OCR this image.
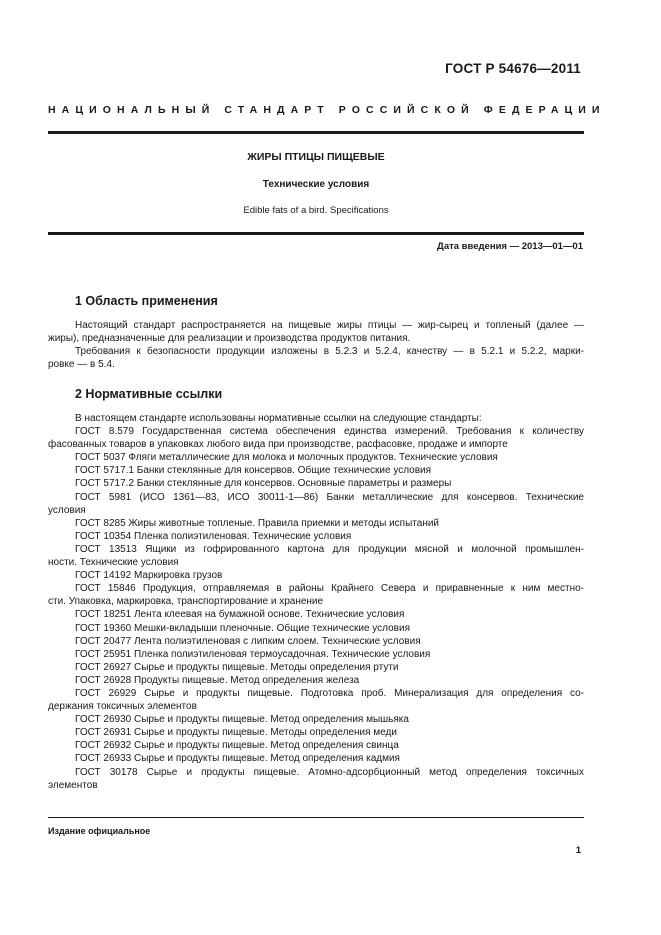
ГОСТ Р 54676—2011
НАЦИОНАЛЬНЫЙ СТАНДАРТ РОССИЙСКОЙ ФЕДЕРАЦИИ
ЖИРЫ ПТИЦЫ ПИЩЕВЫЕ
Технические условия
Edible fats of a bird. Specifications
Дата введения — 2013—01—01
1 Область применения
Настоящий стандарт распространяется на пищевые жиры птицы — жир-сырец и топленый (далее —
жиры), предназначенные для реализации и производства продуктов питания.
Требования к безопасности продукции изложены в 5.2.3 и 5.2.4, качеству — в 5.2.1 и 5.2.2, марки-
ровке — в 5.4.
2 Нормативные ссылки
В настоящем стандарте использованы нормативные ссылки на следующие стандарты:
ГОСТ 8.579 Государственная система обеспечения единства измерений. Требования к количеству
фасованных товаров в упаковках любого вида при производстве, расфасовке, продаже и импорте
ГОСТ 5037 Фляги металлические для молока и молочных продуктов. Технические условия
ГОСТ 5717.1 Банки стеклянные для консервов. Общие технические условия
ГОСТ 5717.2 Банки стеклянные для консервов. Основные параметры и размеры
ГОСТ 5981 (ИСО 1361—83, ИСО 30011-1—86) Банки металлические для консервов. Технические
условия
ГОСТ 8285 Жиры животные топленые. Правила приемки и методы испытаний
ГОСТ 10354 Пленка полиэтиленовая. Технические условия
ГОСТ 13513 Ящики из гофрированного картона для продукции мясной и молочной промышлен-
ности. Технические условия
ГОСТ 14192 Маркировка грузов
ГОСТ 15846 Продукция, отправляемая в районы Крайнего Севера и приравненные к ним местно-
сти. Упаковка, маркировка, транспортирование и хранение
ГОСТ 18251 Лента клеевая на бумажной основе. Технические условия
ГОСТ 19360 Мешки-вкладыши пленочные. Общие технические условия
ГОСТ 20477 Лента полиэтиленовая с липким слоем. Технические условия
ГОСТ 25951 Пленка полиэтиленовая термоусадочная. Технические условия
ГОСТ 26927 Сырье и продукты пищевые. Методы определения ртути
ГОСТ 26928 Продукты пищевые. Метод определения железа
ГОСТ 26929 Сырье и продукты пищевые. Подготовка проб. Минерализация для определения со-
держания токсичных элементов
ГОСТ 26930 Сырье и продукты пищевые. Метод определения мышьяка
ГОСТ 26931 Сырье и продукты пищевые. Методы определения меди
ГОСТ 26932 Сырье и продукты пищевые. Метод определения свинца
ГОСТ 26933 Сырье и продукты пищевые. Метод определения кадмия
ГОСТ 30178 Сырье и продукты пищевые. Атомно-адсорбционный метод определения токсичных
элементов
Издание официальное
1
